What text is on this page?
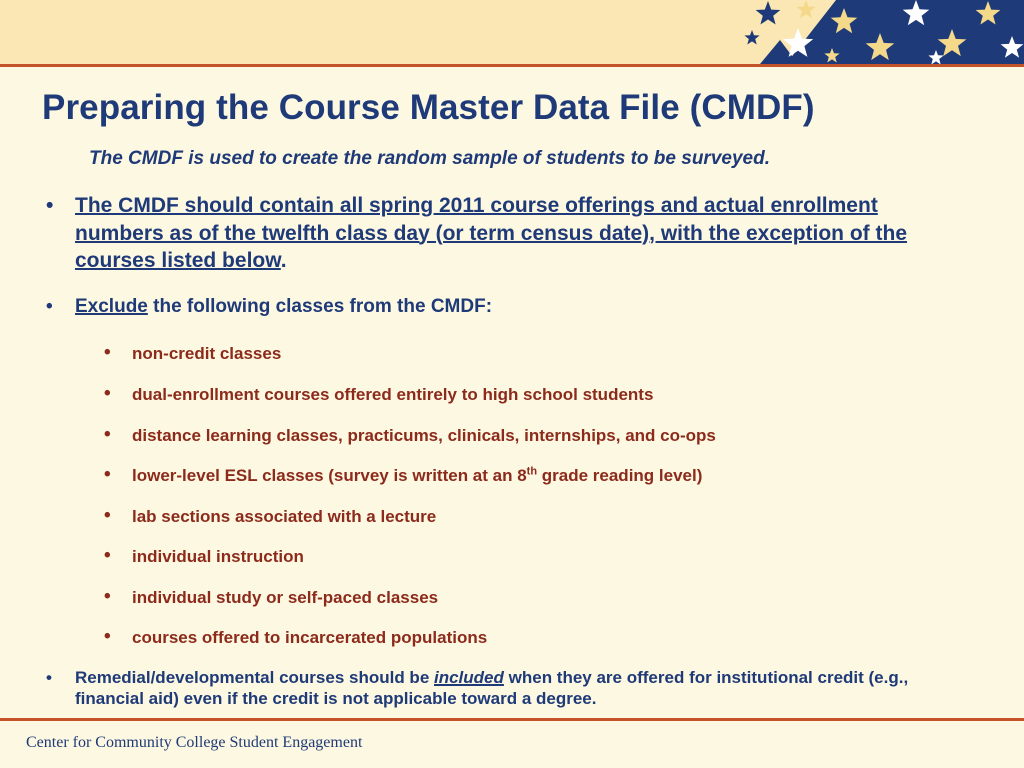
Preparing the Course Master Data File (CMDF)

The CMDF is used to create the random sample of students to be surveyed.

• The CMDF should contain all spring 2011 course offerings and actual enrollment numbers as of the twelfth class day (or term census date), with the exception of the courses listed below.
• Exclude the following classes from the CMDF:
• non-credit classes
• dual-enrollment courses offered entirely to high school students
• distance learning classes, practicums, clinicals, internships, and co-ops
• lower-level ESL classes (survey is written at an 8th grade reading level)
• lab sections associated with a lecture
• individual instruction
• individual study or self-paced classes
• courses offered to incarcerated populations
• Remedial/developmental courses should be included when they are offered for institutional credit (e.g., financial aid) even if the credit is not applicable toward a degree.

Center for Community College Student Engagement
